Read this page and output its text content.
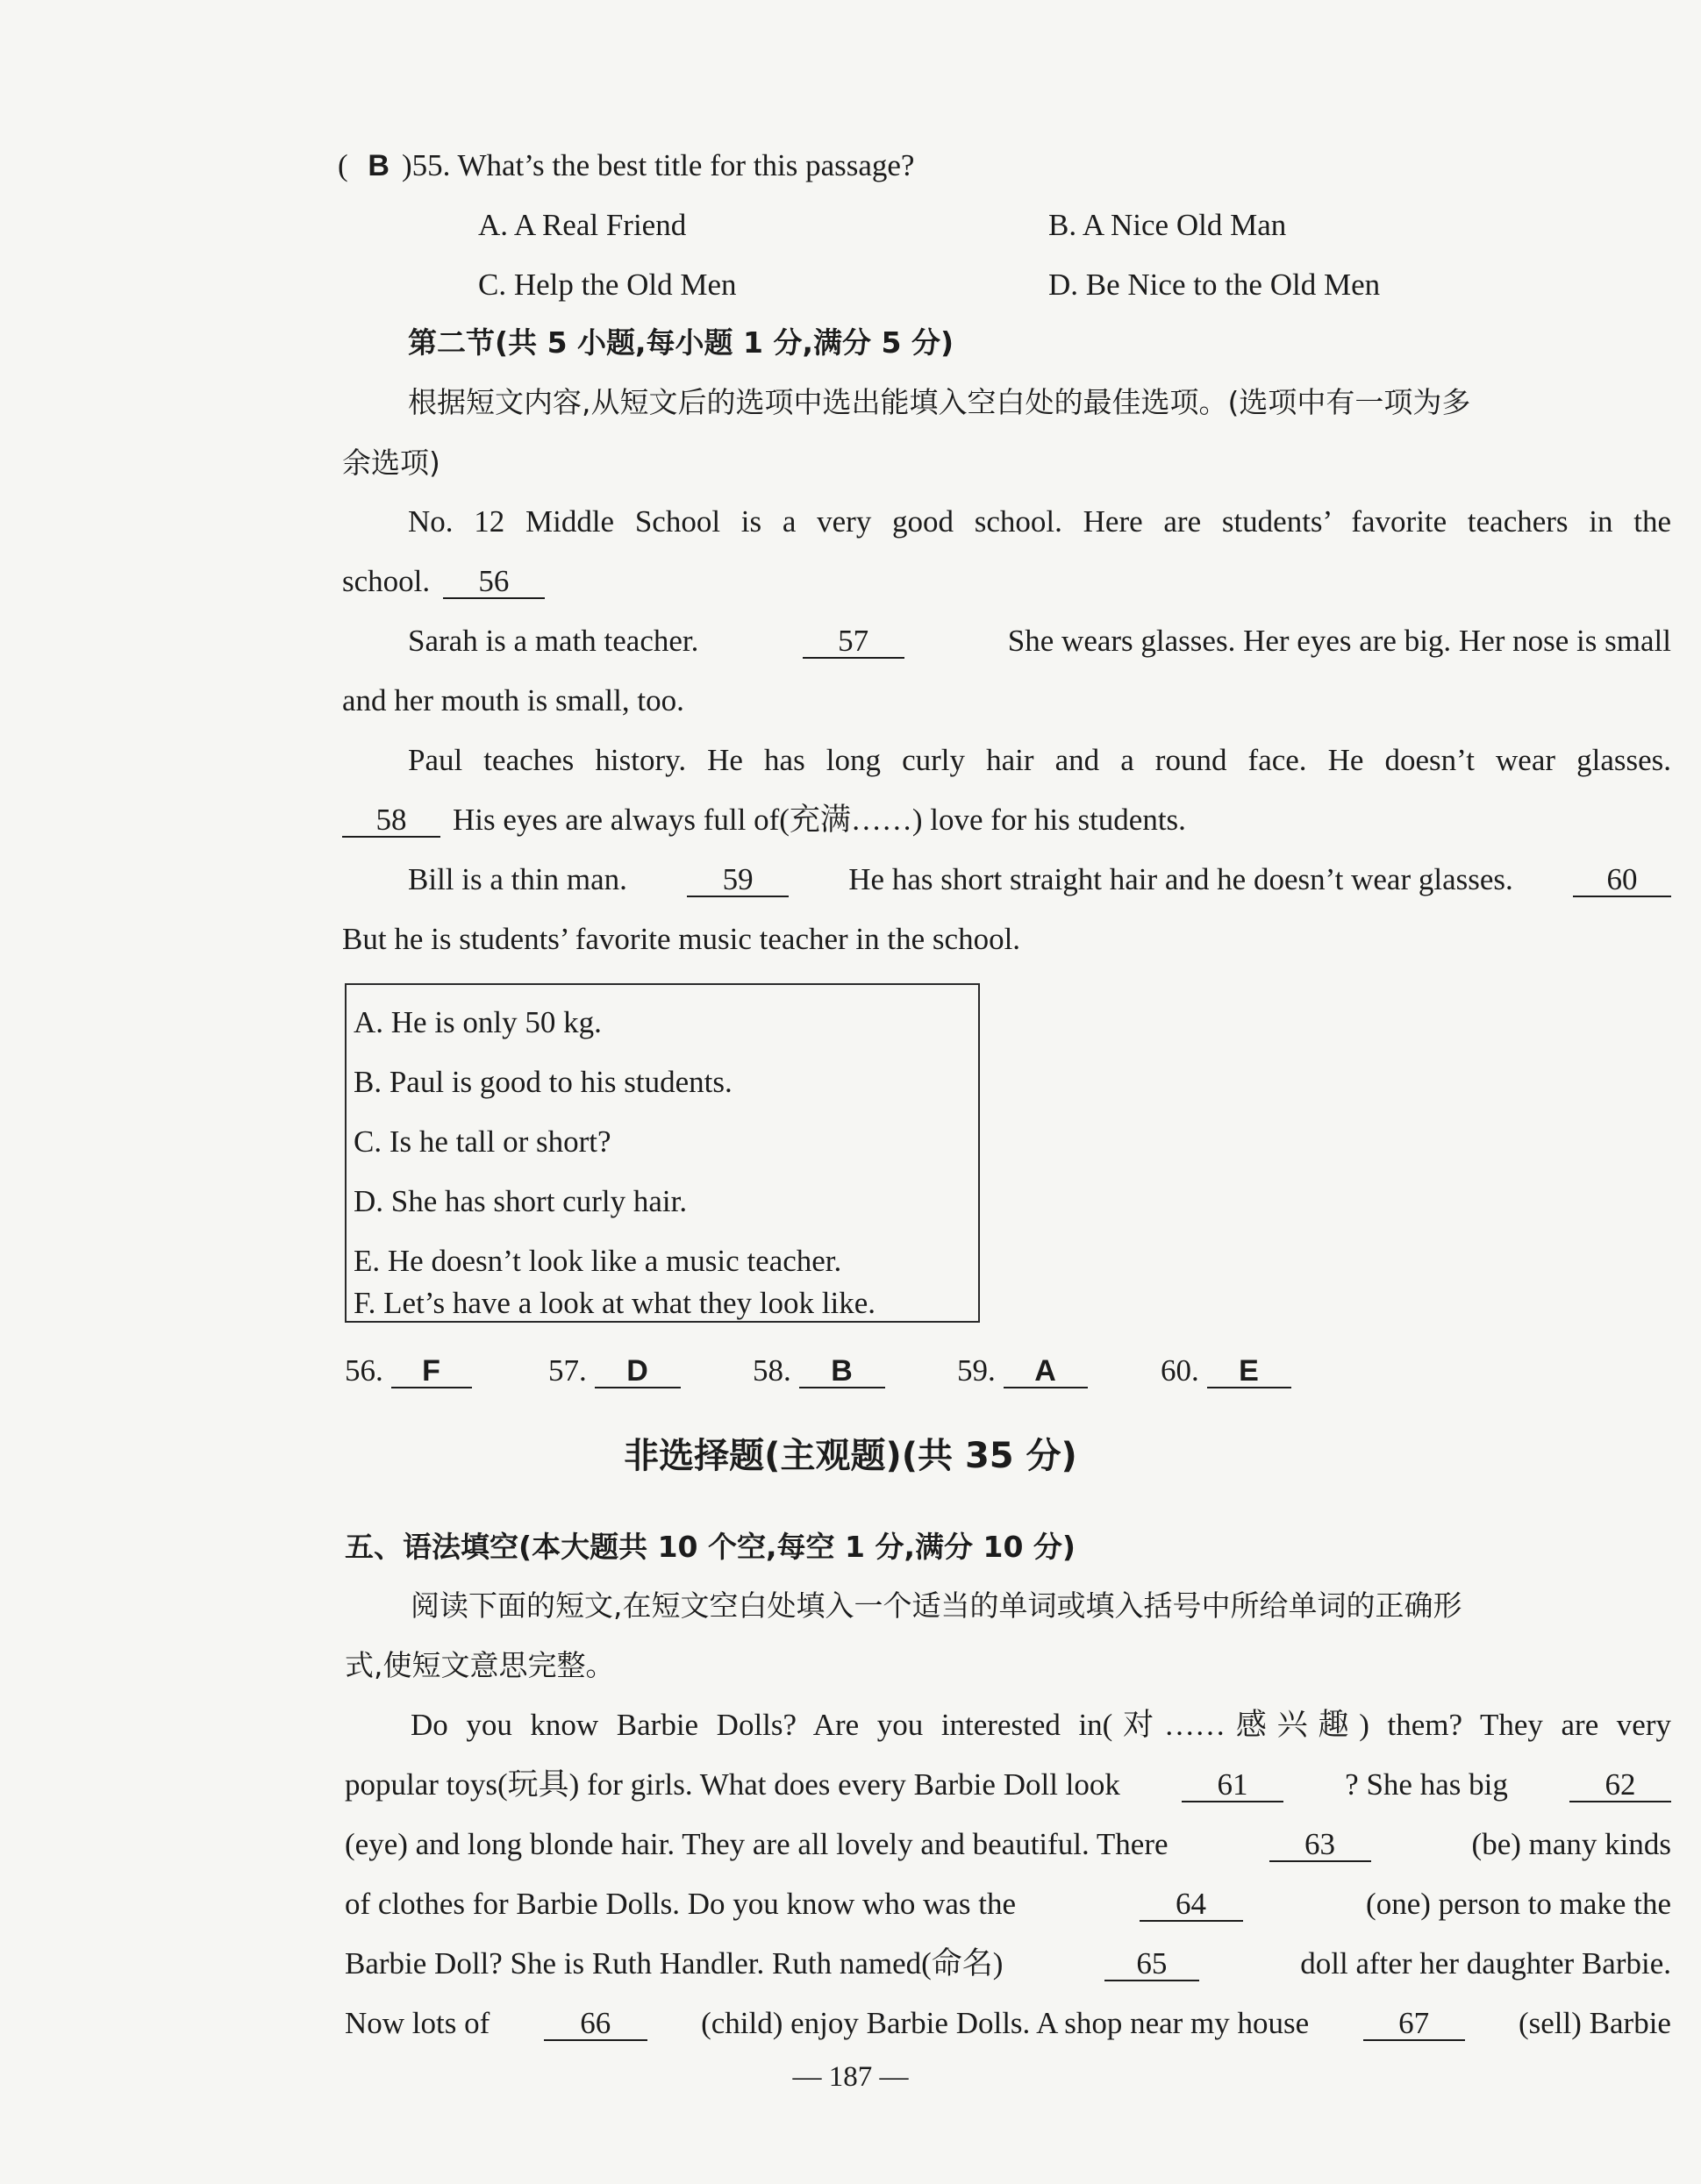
( B )55. What’s the best title for this passage?
A. A Real Friend	B. A Nice Old Man
C. Help the Old Men	D. Be Nice to the Old Men
第二节(共 5 小题,每小题 1 分,满分 5 分)
根据短文内容,从短文后的选项中选出能填入空白处的最佳选项。(选项中有一项为多
余选项)
No. 12 Middle School is a very good school. Here are students’ favorite teachers in the
school. 56
Sarah is a math teacher.	57	She wears glasses. Her eyes are big. Her nose is small
and her mouth is small, too.
Paul teaches history. He has long curly hair and a round face. He doesn’t wear glasses.
58 His eyes are always full of(充满……) love for his students.
Bill is a thin man.	59	He has short straight hair and he doesn’t wear glasses.	60
But he is students’ favorite music teacher in the school.
A. He is only 50 kg.
B. Paul is good to his students.
C. Is he tall or short?
D. She has short curly hair.
E. He doesn’t look like a music teacher.
F. Let’s have a look at what they look like.
56. F	57. D	58. B	59. A	60. E
非选择题(主观题)(共 35 分)
五、语法填空(本大题共 10 个空,每空 1 分,满分 10 分)
阅读下面的短文,在短文空白处填入一个适当的单词或填入括号中所给单词的正确形
式,使短文意思完整。
Do you know Barbie Dolls? Are you interested in(对……感兴趣) them? They are very
popular toys(玩具) for girls. What does every Barbie Doll look	61	? She has big	62
(eye) and long blonde hair. They are all lovely and beautiful. There	63	(be) many kinds
of clothes for Barbie Dolls. Do you know who was the	64	(one) person to make the
Barbie Doll? She is Ruth Handler. Ruth named(命名)	65	doll after her daughter Barbie.
Now lots of	66	(child) enjoy Barbie Dolls. A shop near my house	67	(sell) Barbie
— 187 —
